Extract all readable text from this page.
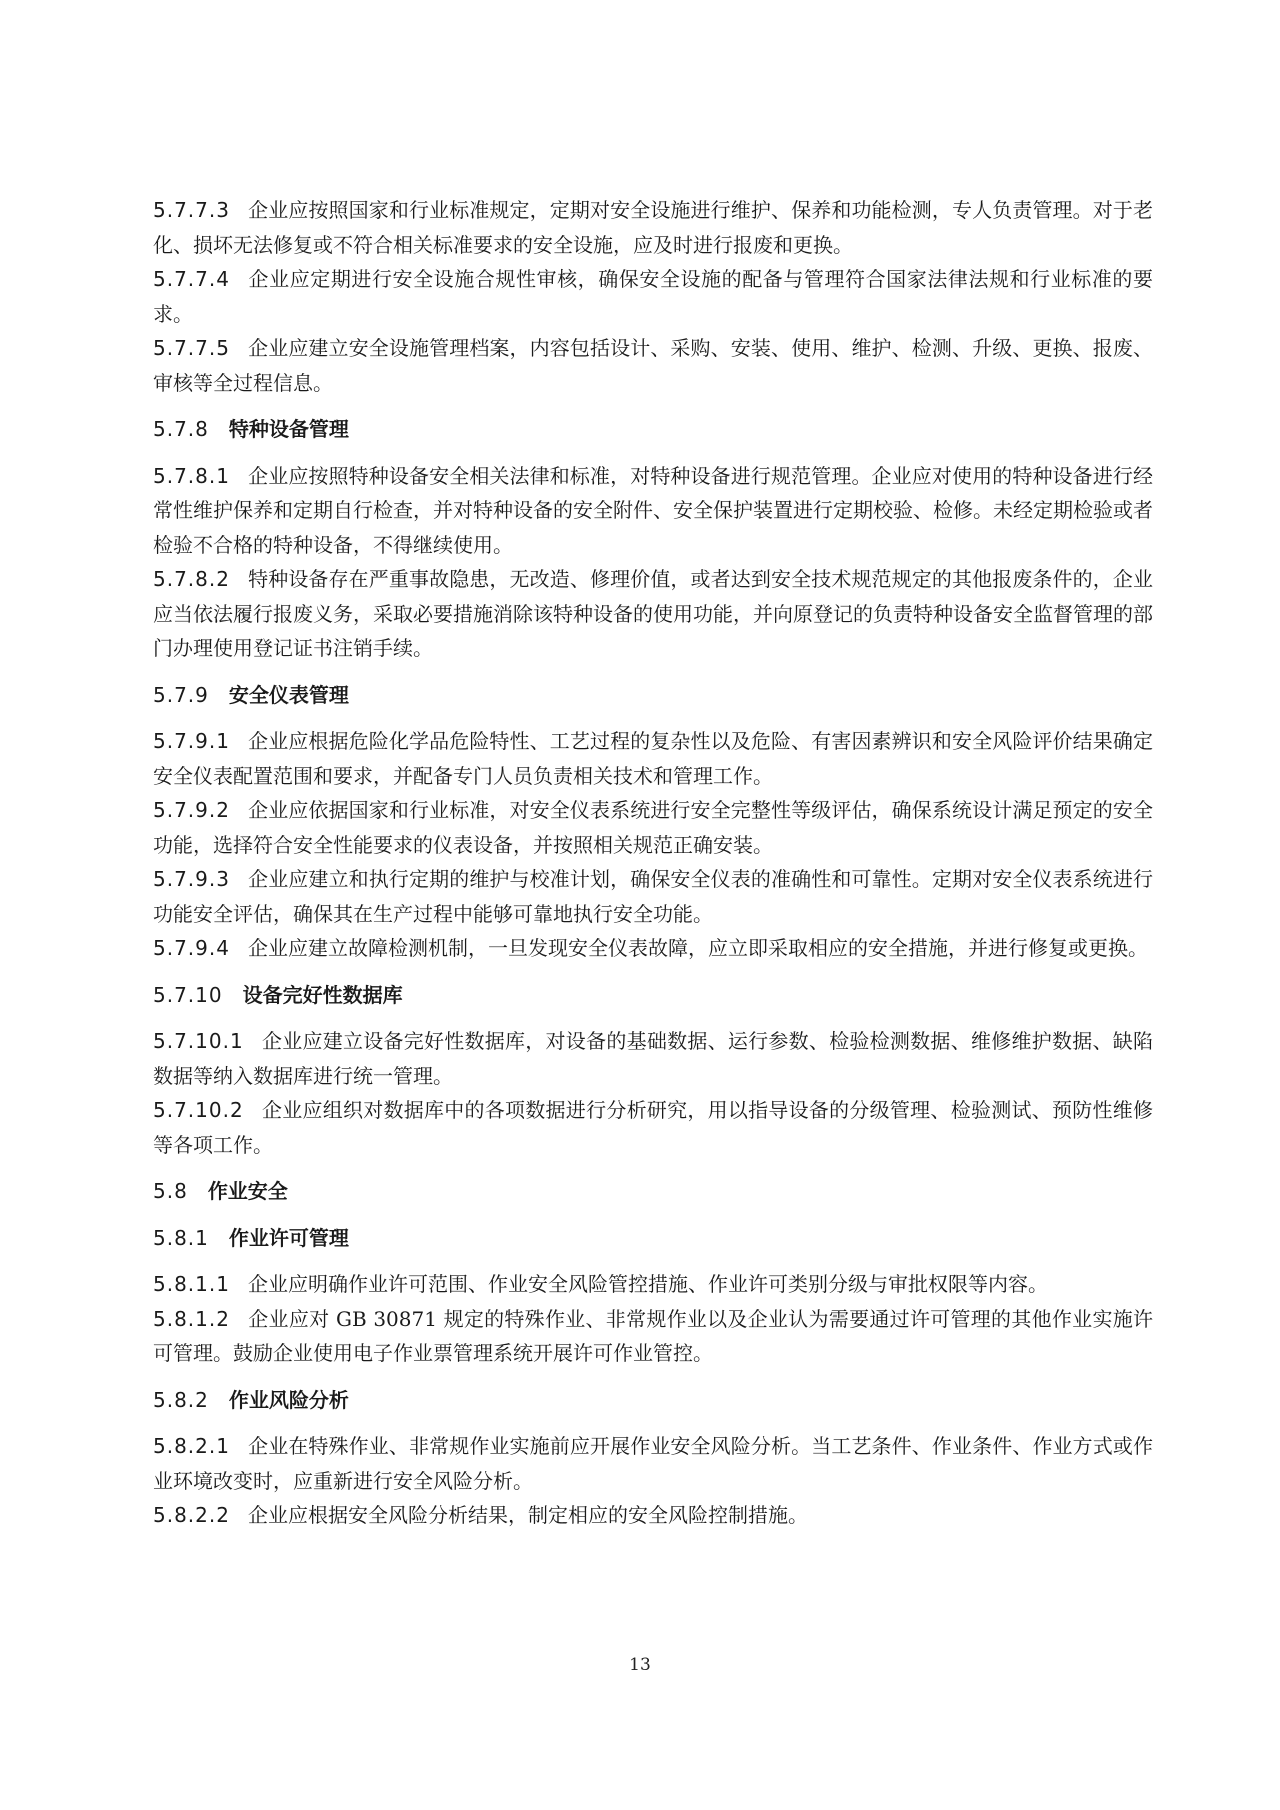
5.7.7.3 企业应按照国家和行业标准规定，定期对安全设施进行维护、保养和功能检测，专人负责管理。对于老化、损坏无法修复或不符合相关标准要求的安全设施，应及时进行报废和更换。

5.7.7.4 企业应定期进行安全设施合规性审核，确保安全设施的配备与管理符合国家法律法规和行业标准的要求。

5.7.7.5 企业应建立安全设施管理档案，内容包括设计、采购、安装、使用、维护、检测、升级、更换、报废、审核等全过程信息。

5.7.8 特种设备管理

5.7.8.1 企业应按照特种设备安全相关法律和标准，对特种设备进行规范管理。企业应对使用的特种设备进行经常性维护保养和定期自行检查，并对特种设备的安全附件、安全保护装置进行定期校验、检修。未经定期检验或者检验不合格的特种设备，不得继续使用。

5.7.8.2 特种设备存在严重事故隐患，无改造、修理价值，或者达到安全技术规范规定的其他报废条件的，企业应当依法履行报废义务，采取必要措施消除该特种设备的使用功能，并向原登记的负责特种设备安全监督管理的部门办理使用登记证书注销手续。

5.7.9 安全仪表管理

5.7.9.1 企业应根据危险化学品危险特性、工艺过程的复杂性以及危险、有害因素辨识和安全风险评价结果确定安全仪表配置范围和要求，并配备专门人员负责相关技术和管理工作。

5.7.9.2 企业应依据国家和行业标准，对安全仪表系统进行安全完整性等级评估，确保系统设计满足预定的安全功能，选择符合安全性能要求的仪表设备，并按照相关规范正确安装。

5.7.9.3 企业应建立和执行定期的维护与校准计划，确保安全仪表的准确性和可靠性。定期对安全仪表系统进行功能安全评估，确保其在生产过程中能够可靠地执行安全功能。

5.7.9.4 企业应建立故障检测机制，一旦发现安全仪表故障，应立即采取相应的安全措施，并进行修复或更换。

5.7.10 设备完好性数据库

5.7.10.1 企业应建立设备完好性数据库，对设备的基础数据、运行参数、检验检测数据、维修维护数据、缺陷数据等纳入数据库进行统一管理。

5.7.10.2 企业应组织对数据库中的各项数据进行分析研究，用以指导设备的分级管理、检验测试、预防性维修等各项工作。

5.8 作业安全
5.8.1 作业许可管理

5.8.1.1 企业应明确作业许可范围、作业安全风险管控措施、作业许可类别分级与审批权限等内容。

5.8.1.2 企业应对 GB 30871 规定的特殊作业、非常规作业以及企业认为需要通过许可管理的其他作业实施许可管理。鼓励企业使用电子作业票管理系统开展许可作业管控。

5.8.2 作业风险分析

5.8.2.1 企业在特殊作业、非常规作业实施前应开展作业安全风险分析。当工艺条件、作业条件、作业方式或作业环境改变时，应重新进行安全风险分析。

5.8.2.2 企业应根据安全风险分析结果，制定相应的安全风险控制措施。

13
